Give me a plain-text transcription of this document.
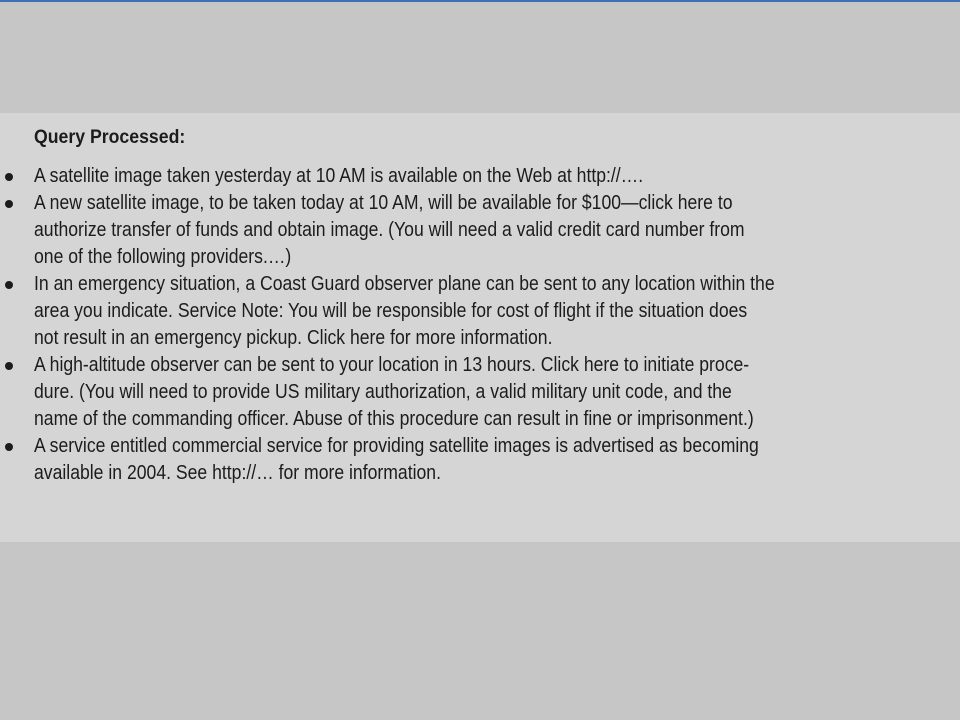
Query Processed:
A satellite image taken yesterday at 10 AM is available on the Web at http://….
A new satellite image, to be taken today at 10 AM, will be available for $100—click here to
authorize transfer of funds and obtain image. (You will need a valid credit card number from
one of the following providers.…)
In an emergency situation, a Coast Guard observer plane can be sent to any location within the
area you indicate. Service Note: You will be responsible for cost of flight if the situation does
not result in an emergency pickup. Click here for more information.
A high-altitude observer can be sent to your location in 13 hours. Click here to initiate proce-
dure. (You will need to provide US military authorization, a valid military unit code, and the
name of the commanding officer. Abuse of this procedure can result in fine or imprisonment.)
A service entitled commercial service for providing satellite images is advertised as becoming
available in 2004. See http://… for more information.
